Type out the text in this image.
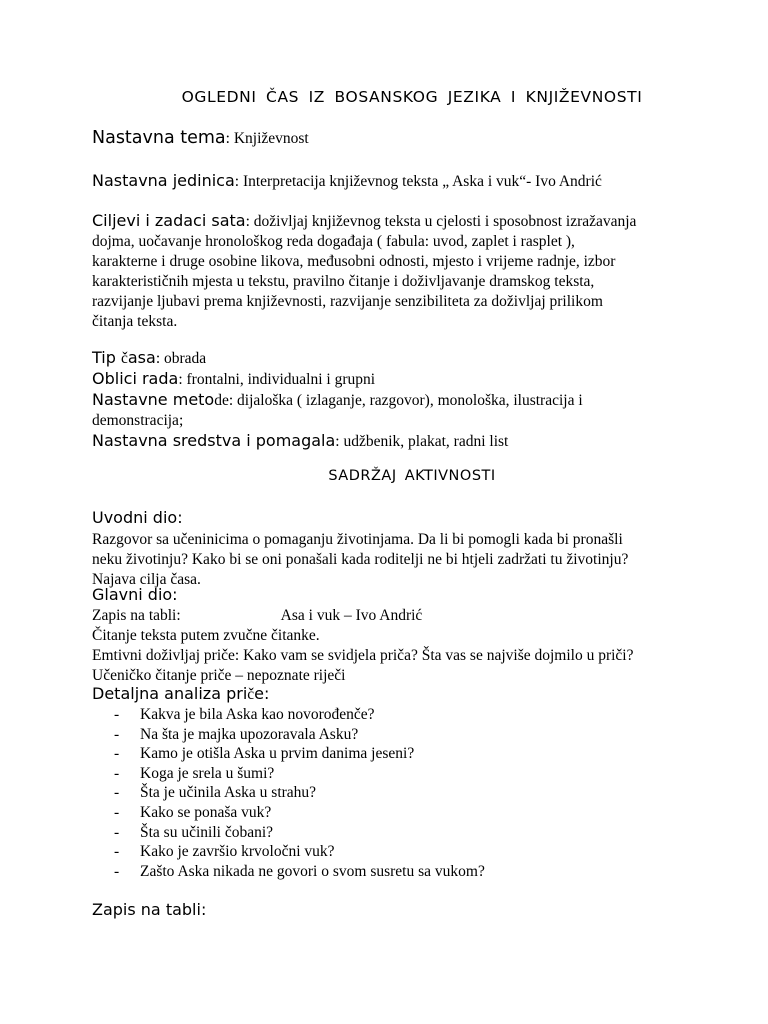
OGLEDNI ČAS IZ BOSANSKOG JEZIKA I KNJIŽEVNOSTI
Nastavna tema: Književnost
Nastavna jedinica: Interpretacija književnog teksta „ Aska i vuk“- Ivo Andrić
Ciljevi i zadaci sata: doživljaj književnog teksta u cjelosti i sposobnost izražavanja
dojma, uočavanje hronološkog reda događaja ( fabula: uvod, zaplet i rasplet ),
karakterne i druge osobine likova, međusobni odnosti, mjesto i vrijeme radnje, izbor
karakterističnih mjesta u tekstu, pravilno čitanje i doživljavanje dramskog teksta,
razvijanje ljubavi prema književnosti, razvijanje senzibiliteta za doživljaj prilikom
čitanja teksta.
Tip časa: obrada
Oblici rada: frontalni, individualni i grupni
Nastavne metode: dijaloška ( izlaganje, razgovor), monološka, ilustracija i
demonstracija;
Nastavna sredstva i pomagala: udžbenik, plakat, radni list
SADRŽAJ AKTIVNOSTI
Uvodni dio:
Razgovor sa učeninicima o pomaganju životinjama. Da li bi pomogli kada bi pronašli
neku životinju? Kako bi se oni ponašali kada roditelji ne bi htjeli zadržati tu životinju?
Najava cilja časa.
Glavni dio:
Zapis na tabli:	Asa i vuk – Ivo Andrić
Čitanje teksta putem zvučne čitanke.
Emtivni doživljaj priče: Kako vam se svidjela priča? Šta vas se najviše dojmilo u priči?
Učeničko čitanje priče – nepoznate riječi
Detaljna analiza priče:
- Kakva je bila Aska kao novorođenče?
- Na šta je majka upozoravala Asku?
- Kamo je otišla Aska u prvim danima jeseni?
- Koga je srela u šumi?
- Šta je učinila Aska u strahu?
- Kako se ponaša vuk?
- Šta su učinili čobani?
- Kako je završio krvoločni vuk?
- Zašto Aska nikada ne govori o svom susretu sa vukom?
Zapis na tabli:
